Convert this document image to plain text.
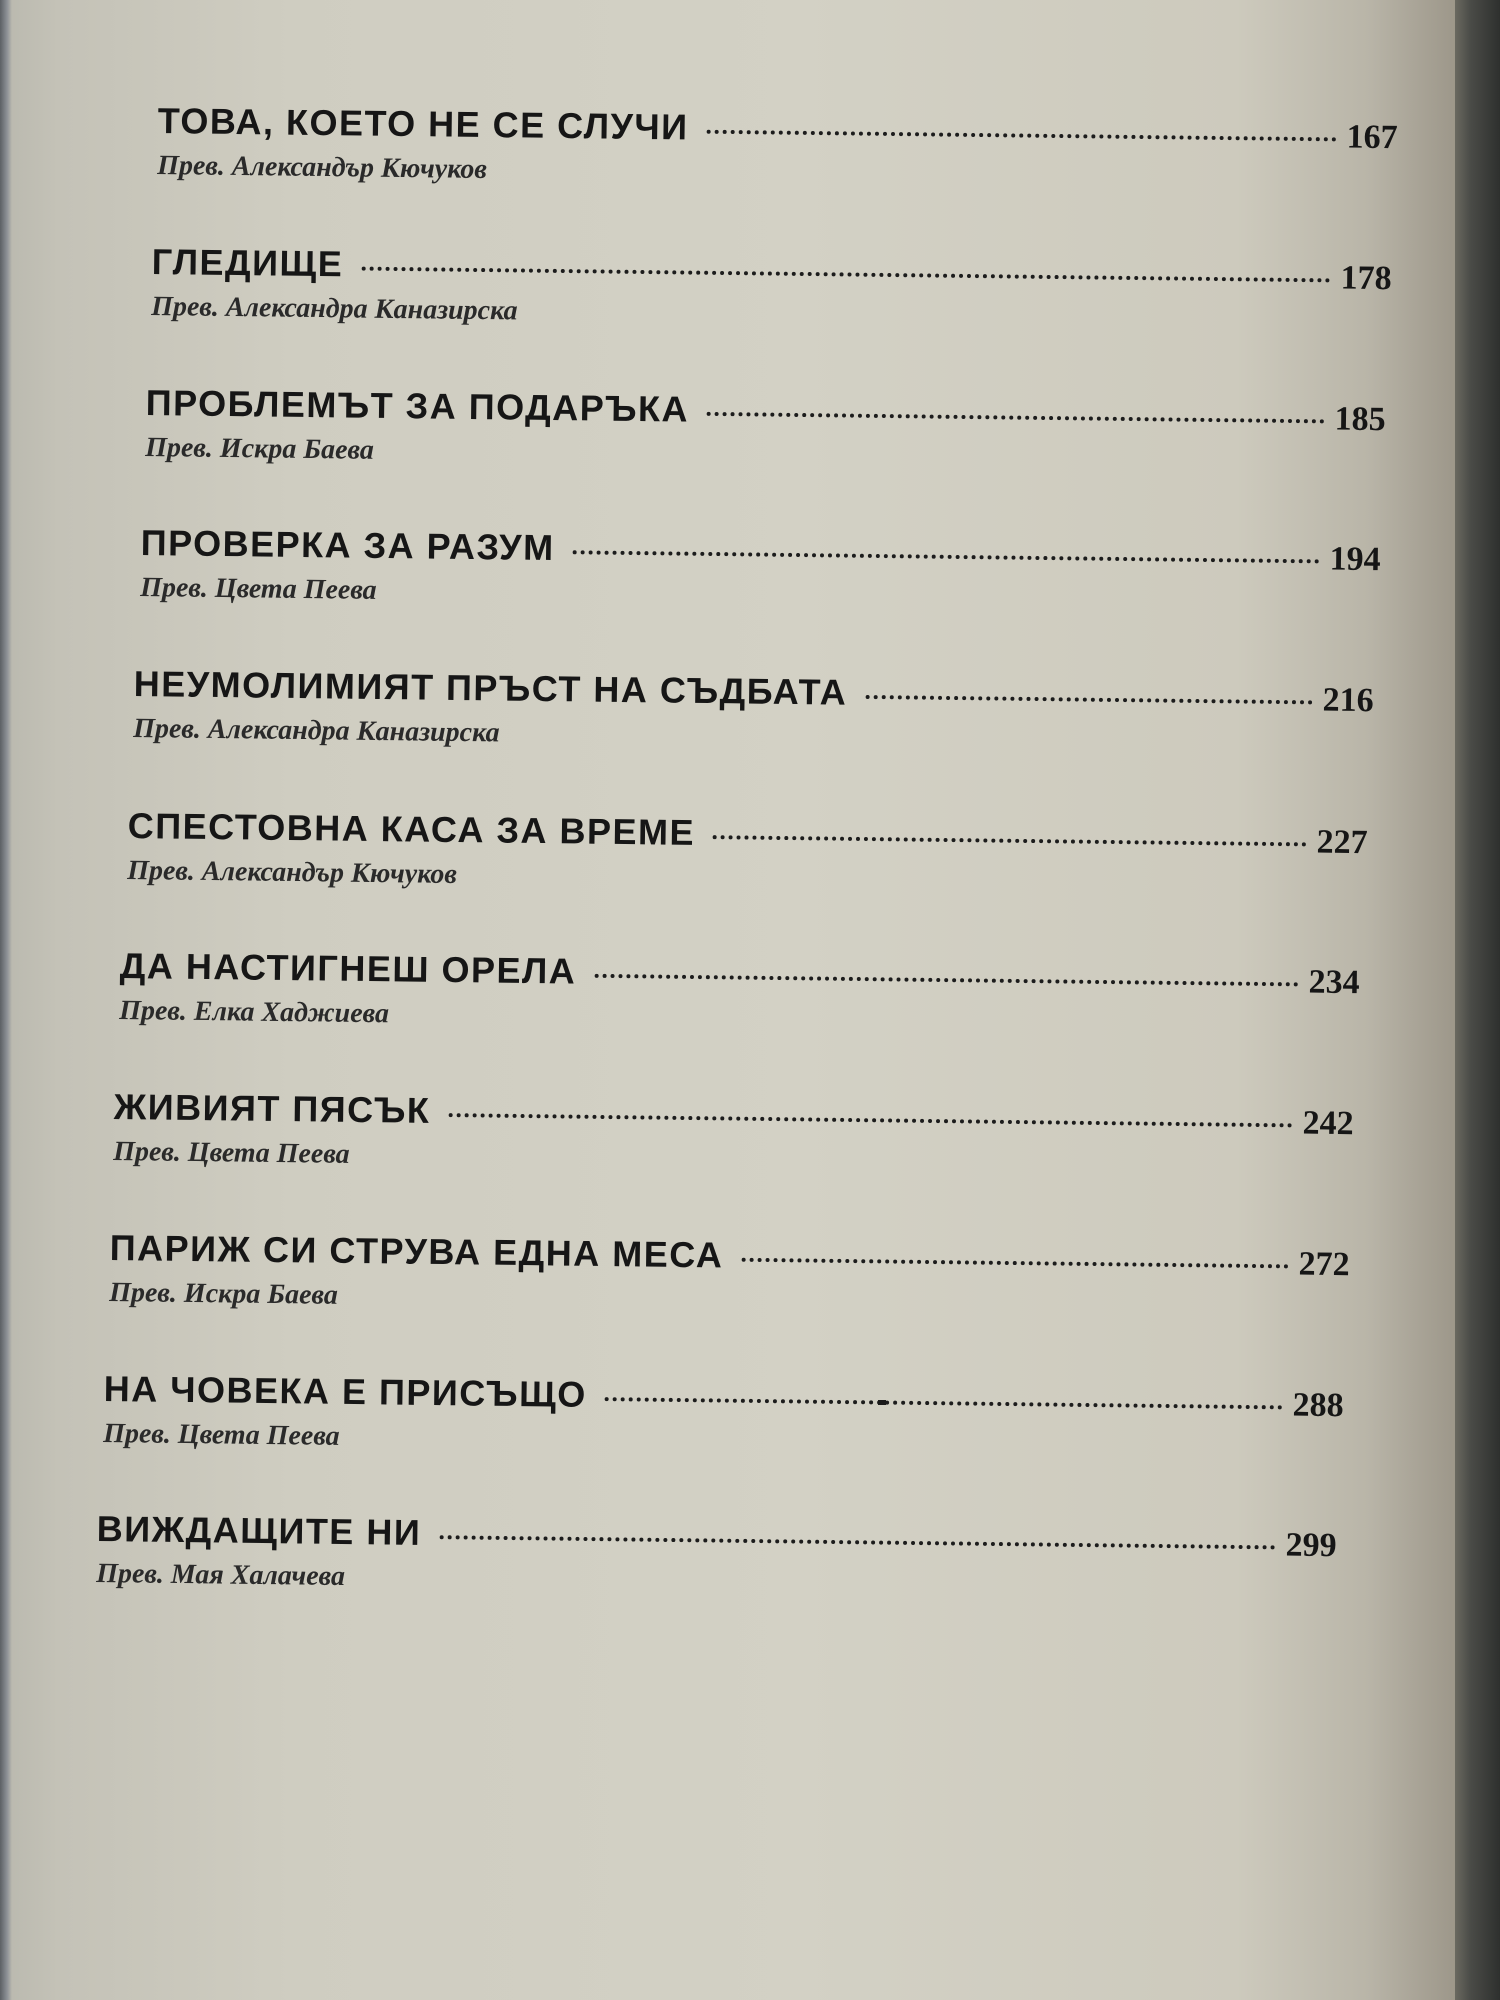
ТОВА, КОЕТО НЕ СЕ СЛУЧИ	167
Прев. Александър Кючуков
ГЛЕДИЩЕ	178
Прев. Александра Каназирска
ПРОБЛЕМЪТ ЗА ПОДАРЪКА	185
Прев. Искра Баева
ПРОВЕРКА ЗА РАЗУМ	194
Прев. Цвета Пеева
НЕУМОЛИМИЯТ ПРЪСТ НА СЪДБАТА	216
Прев. Александра Каназирска
СПЕСТОВНА КАСА ЗА ВРЕМЕ	227
Прев. Александър Кючуков
ДА НАСТИГНЕШ ОРЕЛА	234
Прев. Елка Хаджиева
ЖИВИЯТ ПЯСЪК	242
Прев. Цвета Пеева
ПАРИЖ СИ СТРУВА ЕДНА МЕСА	272
Прев. Искра Баева
НА ЧОВЕКА Е ПРИСЪЩО	288
Прев. Цвета Пеева
ВИЖДАЩИТЕ НИ	299
Прев. Мая Халачева
